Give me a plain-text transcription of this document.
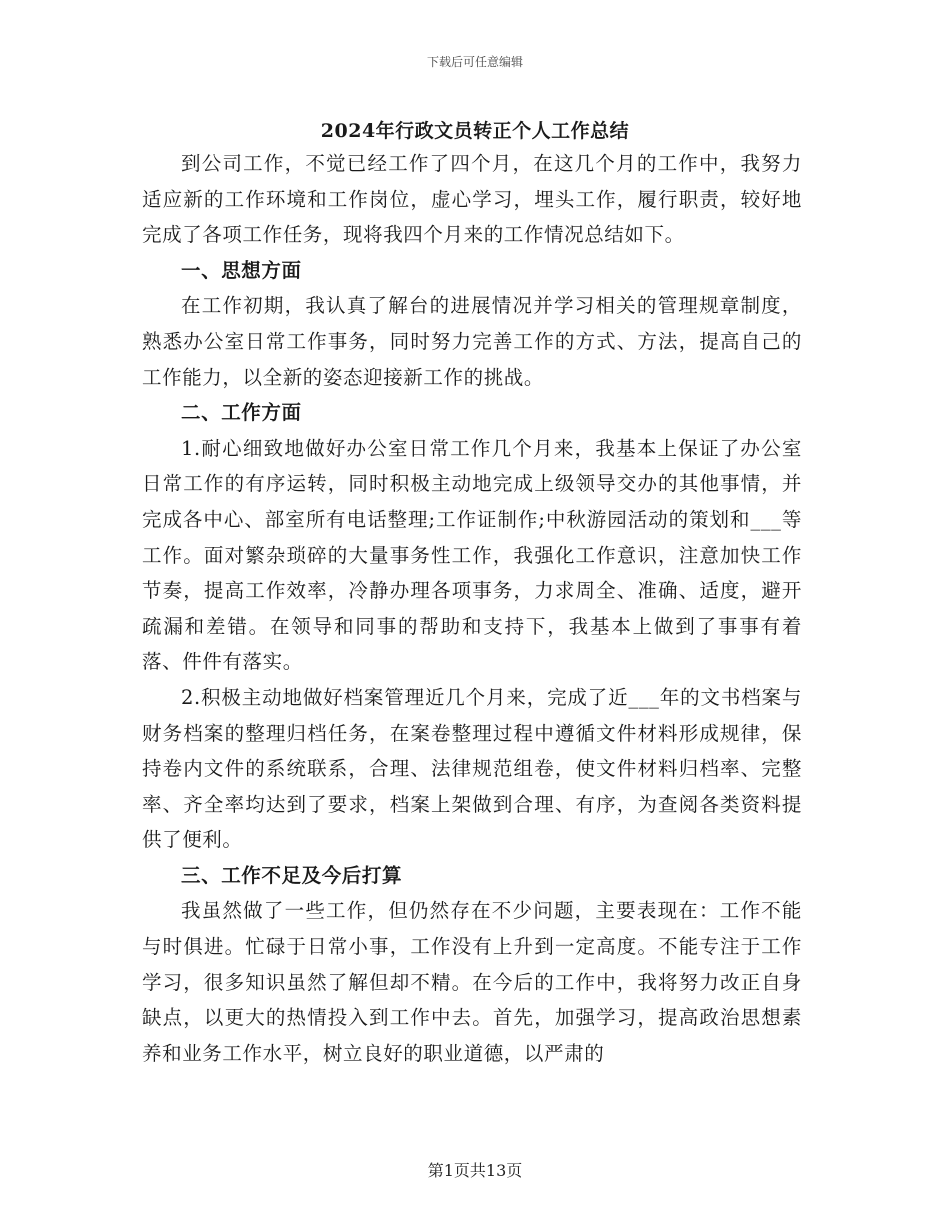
下载后可任意编辑
2024年行政文员转正个人工作总结

到公司工作，不觉已经工作了四个月，在这几个月的工作中，我努力适应新的工作环境和工作岗位，虚心学习，埋头工作，履行职责，较好地完成了各项工作任务，现将我四个月来的工作情况总结如下。

一、思想方面

在工作初期，我认真了解台的进展情况并学习相关的管理规章制度，熟悉办公室日常工作事务，同时努力完善工作的方式、方法，提高自己的工作能力，以全新的姿态迎接新工作的挑战。

二、工作方面

1.耐心细致地做好办公室日常工作几个月来，我基本上保证了办公室日常工作的有序运转，同时积极主动地完成上级领导交办的其他事情，并完成各中心、部室所有电话整理;工作证制作;中秋游园活动的策划和___等工作。面对繁杂琐碎的大量事务性工作，我强化工作意识，注意加快工作节奏，提高工作效率，冷静办理各项事务，力求周全、准确、适度，避开疏漏和差错。在领导和同事的帮助和支持下，我基本上做到了事事有着落、件件有落实。

2.积极主动地做好档案管理近几个月来，完成了近___年的文书档案与财务档案的整理归档任务，在案卷整理过程中遵循文件材料形成规律，保持卷内文件的系统联系，合理、法律规范组卷，使文件材料归档率、完整率、齐全率均达到了要求，档案上架做到合理、有序，为查阅各类资料提供了便利。

三、工作不足及今后打算

我虽然做了一些工作，但仍然存在不少问题，主要表现在：工作不能与时俱进。忙碌于日常小事，工作没有上升到一定高度。不能专注于工作学习，很多知识虽然了解但却不精。在今后的工作中，我将努力改正自身缺点，以更大的热情投入到工作中去。首先，加强学习，提高政治思想素养和业务工作水平，树立良好的职业道德，以严肃的

第1页共13页
